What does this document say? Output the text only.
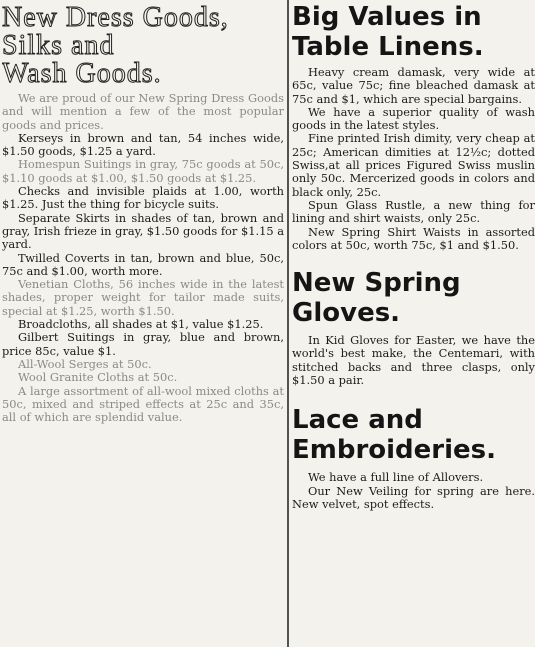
New Dress Goods,
Silks and
Wash Goods.

We are proud of our New Spring Dress Goods and will mention a few of the most popular goods and prices.

Kerseys in brown and tan, 54 inches wide, $1.50 goods, $1.25 a yard.

Homespun Suitings in gray, 75c goods at 50c, $1.10 goods at $1.00, $1.50 goods at $1.25.

Checks and invisible plaids at 1.00, worth $1.25. Just the thing for bicycle suits.

Separate Skirts in shades of tan, brown and gray, Irish frieze in gray, $1.50 goods for $1.15 a yard.

Twilled Coverts in tan, brown and blue, 50c, 75c and $1.00, worth more.

Venetian Cloths, 56 inches wide in the latest shades, proper weight for tailor made suits, special at $1.25, worth $1.50.

Broadcloths, all shades at $1, value $1.25.

Gilbert Suitings in gray, blue and brown, price 85c, value $1.

All-Wool Serges at 50c.

Wool Granite Cloths at 50c.

A large assortment of all-wool mixed cloths at 50c, mixed and striped effects at 25c and 35c, all of which are splendid value.

Big Values in
Table Linens.

Heavy cream damask, very wide at 65c, value 75c; fine bleached damask at 75c and $1, which are special bargains.

We have a superior quality of wash goods in the latest styles.

Fine printed Irish dimity, very cheap at 25c; American dimities at 12½c; dotted Swiss,at all prices Figured Swiss muslin only 50c. Mercerized goods in colors and black only, 25c.

Spun Glass Rustle, a new thing for lining and shirt waists, only 25c.

New Spring Shirt Waists in assorted colors at 50c, worth 75c, $1 and $1.50.

New Spring
Gloves.

In Kid Gloves for Easter, we have the world's best make, the Centemari, with stitched backs and three clasps, only $1.50 a pair.

Lace and
Embroideries.

We have a full line of Allovers.

Our New Veiling for spring are here. New velvet, spot effects.
